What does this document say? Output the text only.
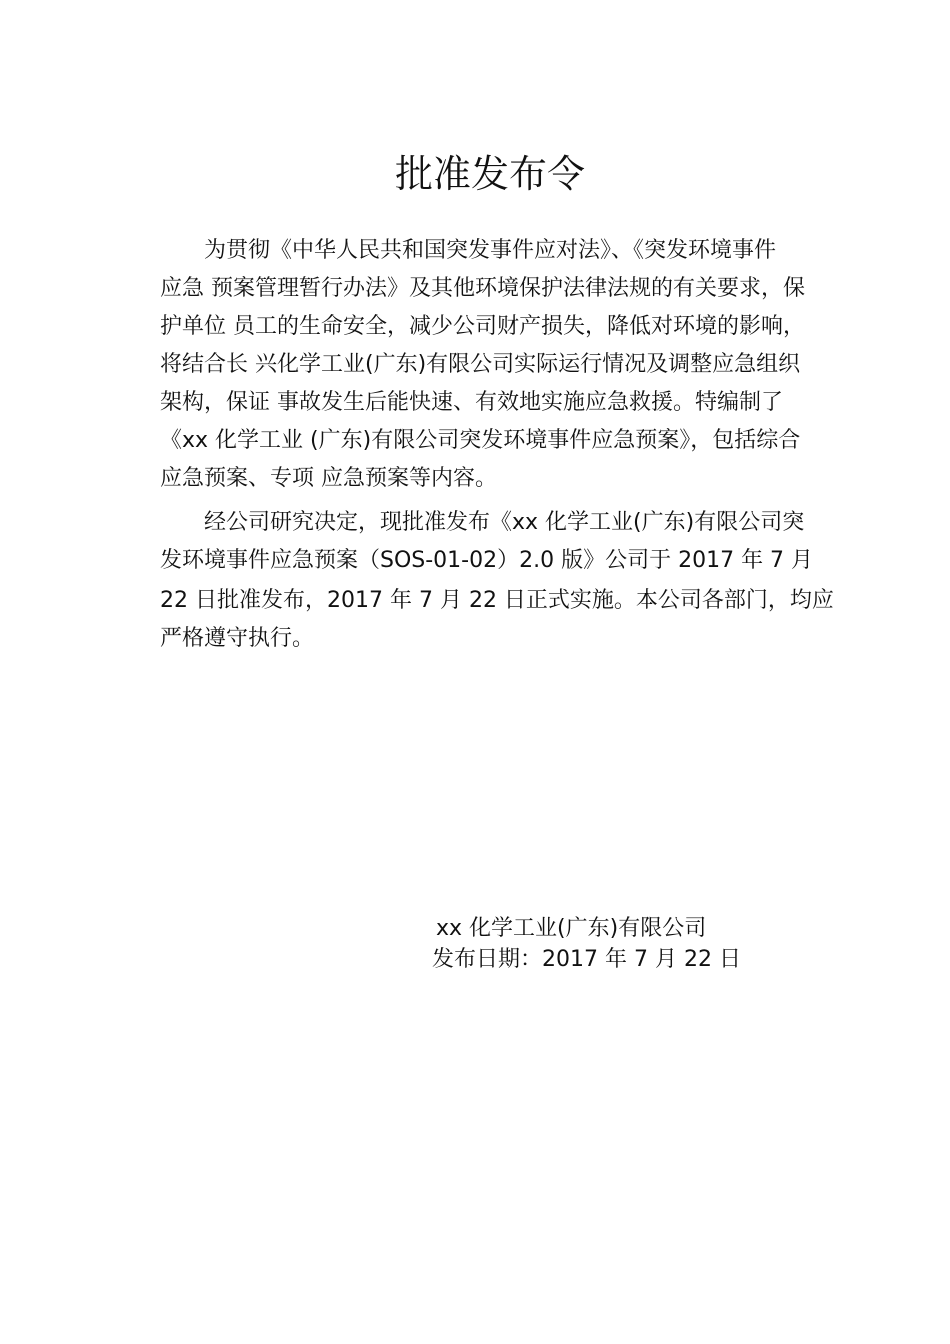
批准发布令
为贯彻《中华人民共和国突发事件应对法》、《突发环境事件
应急 预案管理暂行办法》及其他环境保护法律法规的有关要求，保
护单位 员工的生命安全，减少公司财产损失，降低对环境的影响，
将结合长 兴化学工业(广东)有限公司实际运行情况及调整应急组织
架构，保证 事故发生后能快速、有效地实施应急救援。特编制了
《xx 化学工业 (广东)有限公司突发环境事件应急预案》，包括综合
应急预案、专项 应急预案等内容。
经公司研究决定，现批准发布《xx 化学工业(广东)有限公司突
发环境事件应急预案（SOS-01-02）2.0 版》公司于 2017 年 7 月
22 日批准发布，2017 年 7 月 22 日正式实施。本公司各部门，均应
严格遵守执行。
xx 化学工业(广东)有限公司
发布日期：2017 年 7 月 22 日
